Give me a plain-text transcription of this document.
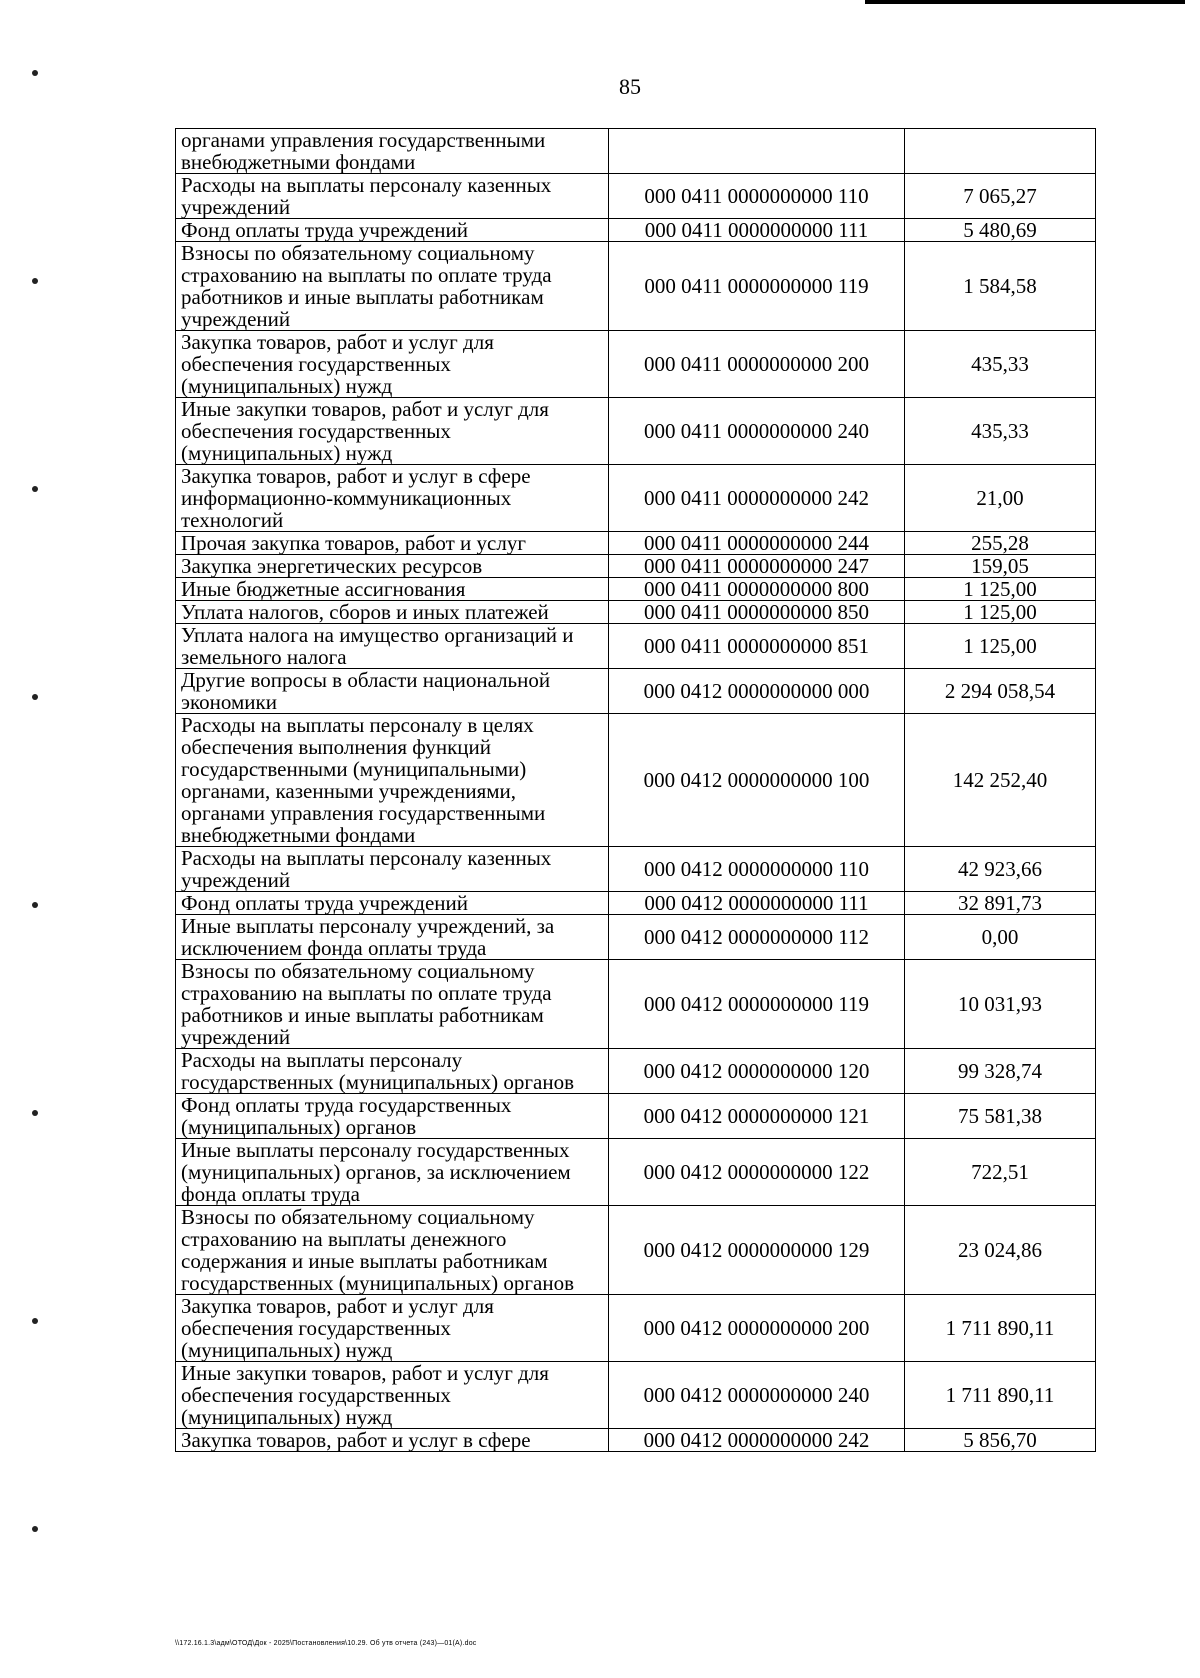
85
органами управления государственными внебюджетными фондами		
Расходы на выплаты персоналу казенных учреждений	000 0411 0000000000 110	7 065,27
Фонд оплаты труда учреждений	000 0411 0000000000 111	5 480,69
Взносы по обязательному социальному страхованию на выплаты по оплате труда работников и иные выплаты работникам учреждений	000 0411 0000000000 119	1 584,58
Закупка товаров, работ и услуг для обеспечения государственных (муниципальных) нужд	000 0411 0000000000 200	435,33
Иные закупки товаров, работ и услуг для обеспечения государственных (муниципальных) нужд	000 0411 0000000000 240	435,33
Закупка товаров, работ и услуг в сфере информационно-коммуникационных технологий	000 0411 0000000000 242	21,00
Прочая закупка товаров, работ и услуг	000 0411 0000000000 244	255,28
Закупка энергетических ресурсов	000 0411 0000000000 247	159,05
Иные бюджетные ассигнования	000 0411 0000000000 800	1 125,00
Уплата налогов, сборов и иных платежей	000 0411 0000000000 850	1 125,00
Уплата налога на имущество организаций и земельного налога	000 0411 0000000000 851	1 125,00
Другие вопросы в области национальной экономики	000 0412 0000000000 000	2 294 058,54
Расходы на выплаты персоналу в целях обеспечения выполнения функций государственными (муниципальными) органами, казенными учреждениями, органами управления государственными внебюджетными фондами	000 0412 0000000000 100	142 252,40
Расходы на выплаты персоналу казенных учреждений	000 0412 0000000000 110	42 923,66
Фонд оплаты труда учреждений	000 0412 0000000000 111	32 891,73
Иные выплаты персоналу учреждений, за исключением фонда оплаты труда	000 0412 0000000000 112	0,00
Взносы по обязательному социальному страхованию на выплаты по оплате труда работников и иные выплаты работникам учреждений	000 0412 0000000000 119	10 031,93
Расходы на выплаты персоналу государственных (муниципальных) органов	000 0412 0000000000 120	99 328,74
Фонд оплаты труда государственных (муниципальных) органов	000 0412 0000000000 121	75 581,38
Иные выплаты персоналу государственных (муниципальных) органов, за исключением фонда оплаты труда	000 0412 0000000000 122	722,51
Взносы по обязательному социальному страхованию на выплаты денежного содержания и иные выплаты работникам государственных (муниципальных) органов	000 0412 0000000000 129	23 024,86
Закупка товаров, работ и услуг для обеспечения государственных (муниципальных) нужд	000 0412 0000000000 200	1 711 890,11
Иные закупки товаров, работ и услуг для обеспечения государственных (муниципальных) нужд	000 0412 0000000000 240	1 711 890,11
Закупка товаров, работ и услуг в сфере	000 0412 0000000000 242	5 856,70
\\172.16.1.3\адм\ОТОД\Док - 2025\Постановления\10.29. Об утв отчета (243)—01(А).doc
